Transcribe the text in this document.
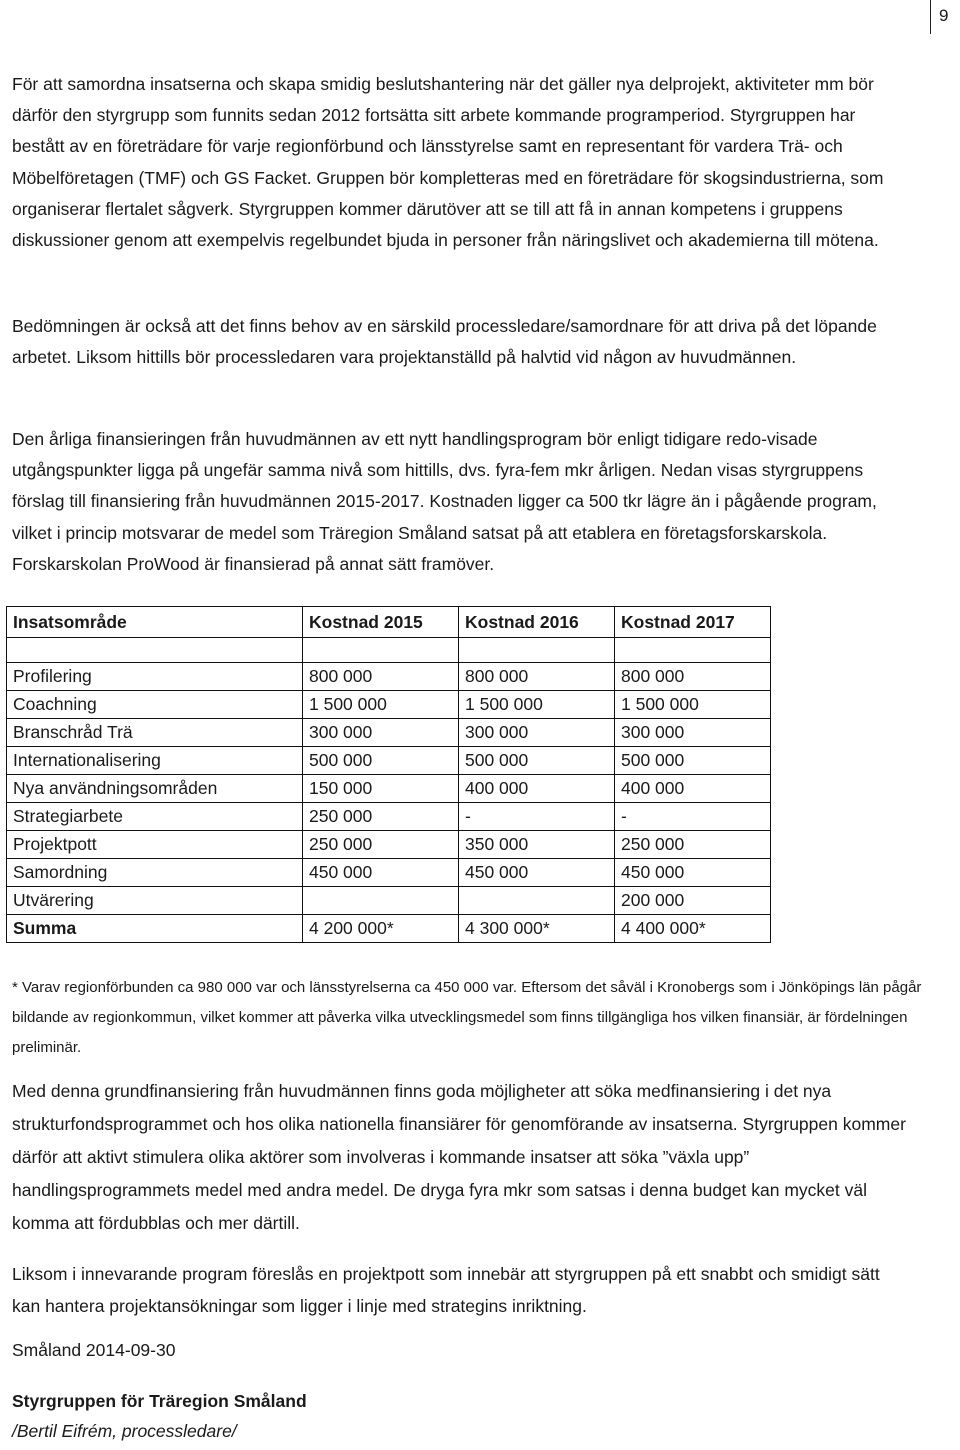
9

För att samordna insatserna och skapa smidig beslutshantering när det gäller nya delprojekt, aktiviteter mm bör därför den styrgrupp som funnits sedan 2012 fortsätta sitt arbete kommande programperiod. Styrgruppen har bestått av en företrädare för varje regionförbund och länsstyrelse samt en representant för vardera Trä- och Möbelföretagen (TMF) och GS Facket. Gruppen bör kompletteras med en företrädare för skogsindustrierna, som organiserar flertalet sågverk. Styrgruppen kommer därutöver att se till att få in annan kompetens i gruppens diskussioner genom att exempelvis regelbundet bjuda in personer från näringslivet och akademierna till mötena.

Bedömningen är också att det finns behov av en särskild processledare/samordnare för att driva på det löpande arbetet. Liksom hittills bör processledaren vara projektanställd på halvtid vid någon av huvudmännen.

Den årliga finansieringen från huvudmännen av ett nytt handlingsprogram bör enligt tidigare redo-visade utgångspunkter ligga på ungefär samma nivå som hittills, dvs. fyra-fem mkr årligen. Nedan visas styrgruppens förslag till finansiering från huvudmännen 2015-2017. Kostnaden ligger ca 500 tkr lägre än i pågående program, vilket i princip motsvarar de medel som Träregion Småland satsat på att etablera en företagsforskarskola. Forskarskolan ProWood är finansierad på annat sätt framöver.

Insatsområde	Kostnad 2015	Kostnad 2016	Kostnad 2017

Profilering	800 000	800 000	800 000
Coachning	1 500 000	1 500 000	1 500 000
Branschråd Trä	300 000	300 000	300 000
Internationalisering	500 000	500 000	500 000
Nya användningsområden	150 000	400 000	400 000
Strategiarbete	250 000	-	-
Projektpott	250 000	350 000	250 000
Samordning	450 000	450 000	450 000
Utvärering			200 000
Summa	4 200 000*	4 300 000*	4 400 000*

* Varav regionförbunden ca 980 000 var och länsstyrelserna ca 450 000 var. Eftersom det såväl i Kronobergs som i Jönköpings län pågår bildande av regionkommun, vilket kommer att påverka vilka utvecklingsmedel som finns tillgängliga hos vilken finansiär, är fördelningen preliminär.

Med denna grundfinansiering från huvudmännen finns goda möjligheter att söka medfinansiering i det nya strukturfondsprogrammet och hos olika nationella finansiärer för genomförande av insatserna. Styrgruppen kommer därför att aktivt stimulera olika aktörer som involveras i kommande insatser att söka ”växla upp” handlingsprogrammets medel med andra medel. De dryga fyra mkr som satsas i denna budget kan mycket väl komma att fördubblas och mer därtill.

Liksom i innevarande program föreslås en projektpott som innebär att styrgruppen på ett snabbt och smidigt sätt kan hantera projektansökningar som ligger i linje med strategins inriktning.

Småland 2014-09-30

Styrgruppen för Träregion Småland

/Bertil Eifrém, processledare/
